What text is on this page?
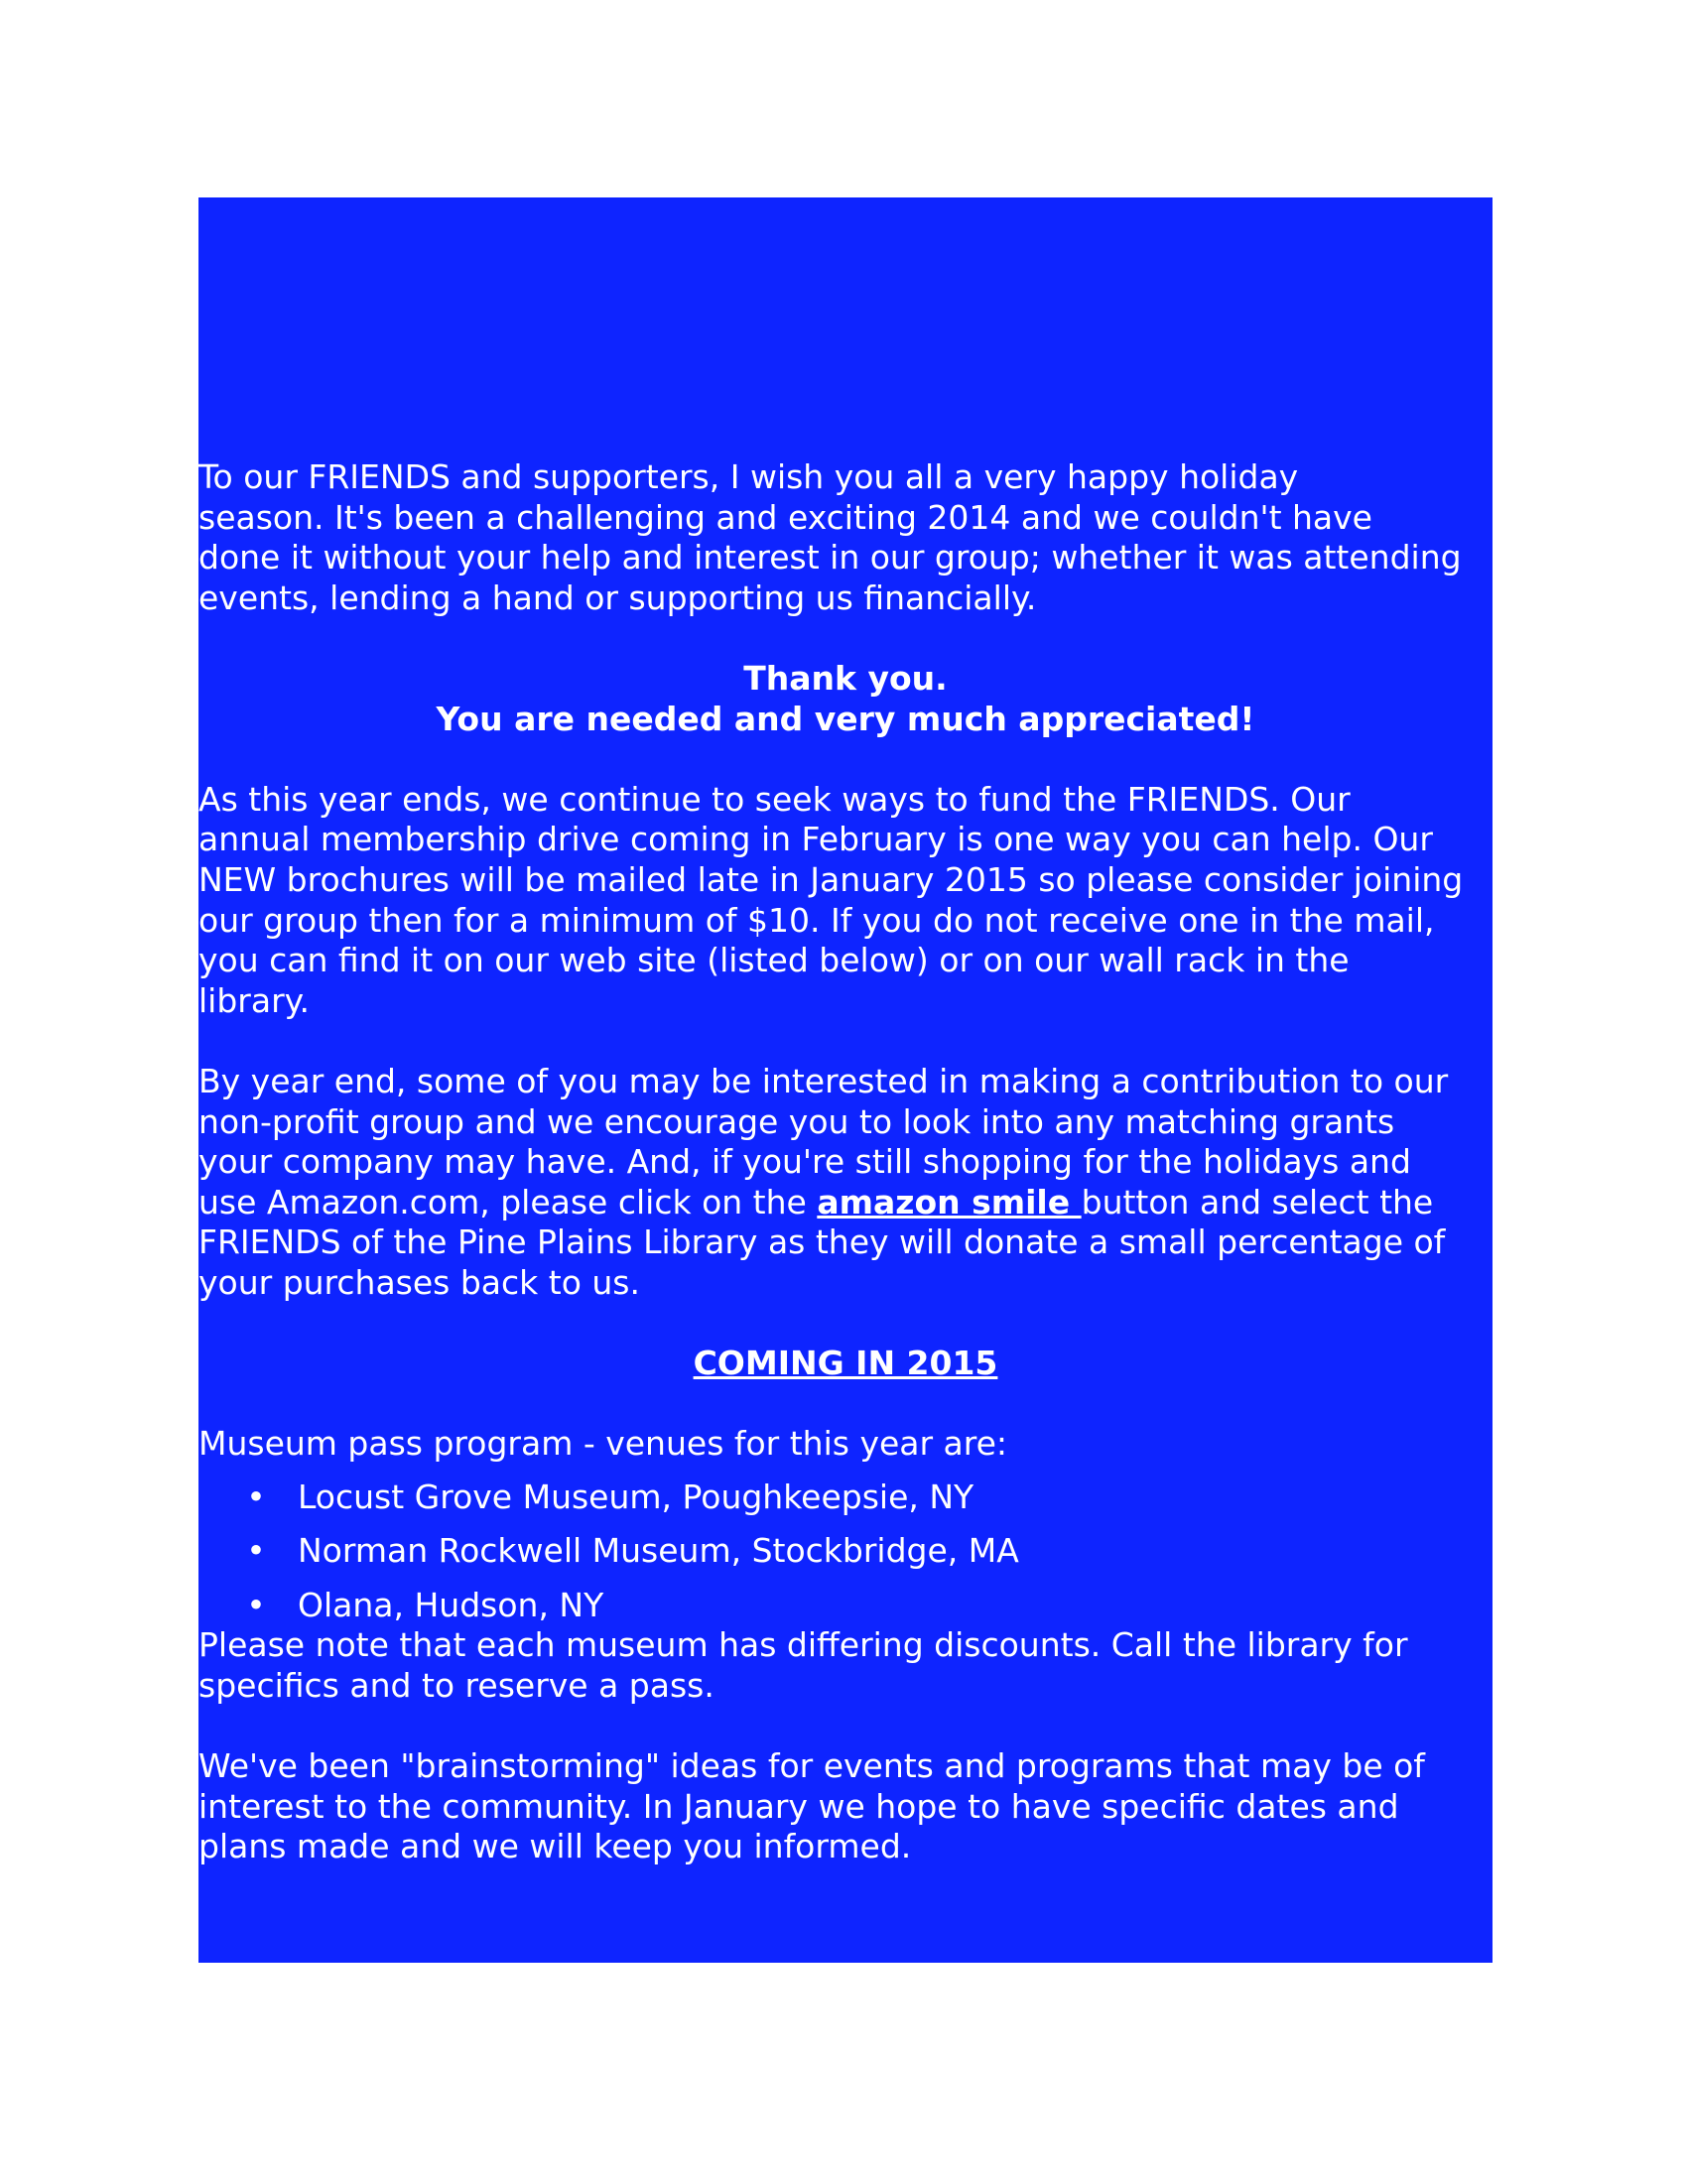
To our FRIENDS and supporters, I wish you all a very happy holiday
season. It's been a challenging and exciting 2014 and we couldn't have
done it without your help and interest in our group; whether it was attending
events, lending a hand or supporting us financially.

Thank you.
You are needed and very much appreciated!

As this year ends, we continue to seek ways to fund the FRIENDS. Our
annual membership drive coming in February is one way you can help. Our
NEW brochures will be mailed late in January 2015 so please consider joining
our group then for a minimum of $10. If you do not receive one in the mail,
you can find it on our web site (listed below) or on our wall rack in the
library.

By year end, some of you may be interested in making a contribution to our
non-profit group and we encourage you to look into any matching grants
your company may have. And, if you're still shopping for the holidays and
use Amazon.com, please click on the amazon smile button and select the
FRIENDS of the Pine Plains Library as they will donate a small percentage of
your purchases back to us.

COMING IN 2015
Museum pass program - venues for this year are:
• Locust Grove Museum, Poughkeepsie, NY
• Norman Rockwell Museum, Stockbridge, MA
• Olana, Hudson, NY

Please note that each museum has differing discounts. Call the library for
specifics and to reserve a pass.

We've been "brainstorming" ideas for events and programs that may be of
interest to the community. In January we hope to have specific dates and
plans made and we will keep you informed.
